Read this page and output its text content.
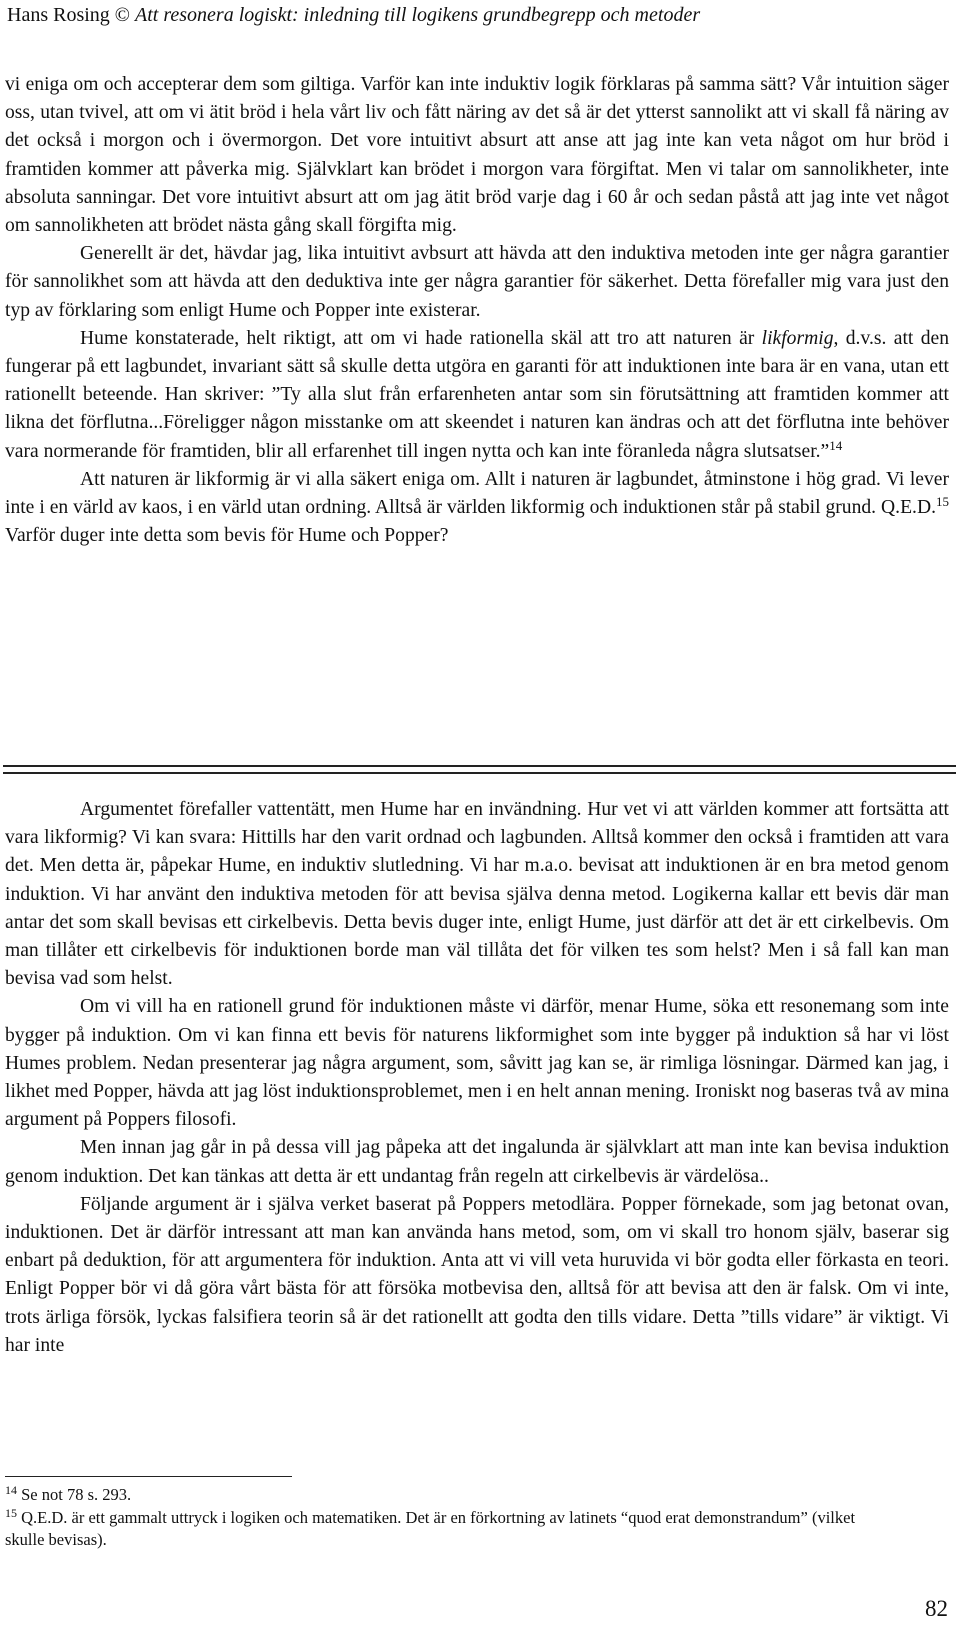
Hans Rosing © Att resonera logiskt: inledning till logikens grundbegrepp och metoder

vi eniga om och accepterar dem som giltiga. Varför kan inte induktiv logik förklaras på samma sätt? Vår intuition säger oss, utan tvivel, att om vi ätit bröd i hela vårt liv och fått näring av det så är det ytterst sannolikt att vi skall få näring av det också i morgon och i övermorgon. Det vore intuitivt absurt att anse att jag inte kan veta något om hur bröd i framtiden kommer att påverka mig. Självklart kan brödet i morgon vara förgiftat. Men vi talar om sannolikheter, inte absoluta sanningar. Det vore intuitivt absurt att om jag ätit bröd varje dag i 60 år och sedan påstå att jag inte vet något om sannolikheten att brödet nästa gång skall förgifta mig.

Generellt är det, hävdar jag, lika intuitivt avbsurt att hävda att den induktiva metoden inte ger några garantier för sannolikhet som att hävda att den deduktiva inte ger några garantier för säkerhet. Detta förefaller mig vara just den typ av förklaring som enligt Hume och Popper inte existerar.

Hume konstaterade, helt riktigt, att om vi hade rationella skäl att tro att naturen är likformig, d.v.s. att den fungerar på ett lagbundet, invariant sätt så skulle detta utgöra en garanti för att induktionen inte bara är en vana, utan ett rationellt beteende. Han skriver: ”Ty alla slut från erfarenheten antar som sin förutsättning att framtiden kommer att likna det förflutna...Föreligger någon misstanke om att skeendet i naturen kan ändras och att det förflutna inte behöver vara normerande för framtiden, blir all erfarenhet till ingen nytta och kan inte föranleda några slutsatser.”$^{14}$

Att naturen är likformig är vi alla säkert eniga om. Allt i naturen är lagbundet, åtminstone i hög grad. Vi lever inte i en värld av kaos, i en värld utan ordning. Alltså är världen likformig och induktionen står på stabil grund. Q.E.D.$^{15}$ Varför duger inte detta som bevis för Hume och Popper?

Argumentet förefaller vattentätt, men Hume har en invändning. Hur vet vi att världen kommer att fortsätta att vara likformig? Vi kan svara: Hittills har den varit ordnad och lagbunden. Alltså kommer den också i framtiden att vara det. Men detta är, påpekar Hume, en induktiv slutledning. Vi har m.a.o. bevisat att induktionen är en bra metod genom induktion. Vi har använt den induktiva metoden för att bevisa själva denna metod. Logikerna kallar ett bevis där man antar det som skall bevisas ett cirkelbevis. Detta bevis duger inte, enligt Hume, just därför att det är ett cirkelbevis. Om man tillåter ett cirkelbevis för induktionen borde man väl tillåta det för vilken tes som helst? Men i så fall kan man bevisa vad som helst.

Om vi vill ha en rationell grund för induktionen måste vi därför, menar Hume, söka ett resonemang som inte bygger på induktion. Om vi kan finna ett bevis för naturens likformighet som inte bygger på induktion så har vi löst Humes problem. Nedan presenterar jag några argument, som, såvitt jag kan se, är rimliga lösningar. Därmed kan jag, i likhet med Popper, hävda att jag löst induktionsproblemet, men i en helt annan mening. Ironiskt nog baseras två av mina argument på Poppers filosofi.

Men innan jag går in på dessa vill jag påpeka att det ingalunda är självklart att man inte kan bevisa induktion genom induktion. Det kan tänkas att detta är ett undantag från regeln att cirkelbevis är värdelösa..

Följande argument är i själva verket baserat på Poppers metodlära. Popper förnekade, som jag betonat ovan, induktionen. Det är därför intressant att man kan använda hans metod, som, om vi skall tro honom själv, baserar sig enbart på deduktion, för att argumentera för induktion. Anta att vi vill veta huruvida vi bör godta eller förkasta en teori. Enligt Popper bör vi då göra vårt bästa för att försöka motbevisa den, alltså för att bevisa att den är falsk. Om vi inte, trots ärliga försök, lyckas falsifiera teorin så är det rationellt att godta den tills vidare. Detta ”tills vidare” är viktigt. Vi har inte

$^{14}$ Se not 78 s. 293.

$^{15}$ Q.E.D. är ett gammalt uttryck i logiken och matematiken. Det är en förkortning av latinets “quod erat demonstrandum” (vilket skulle bevisas).

82
